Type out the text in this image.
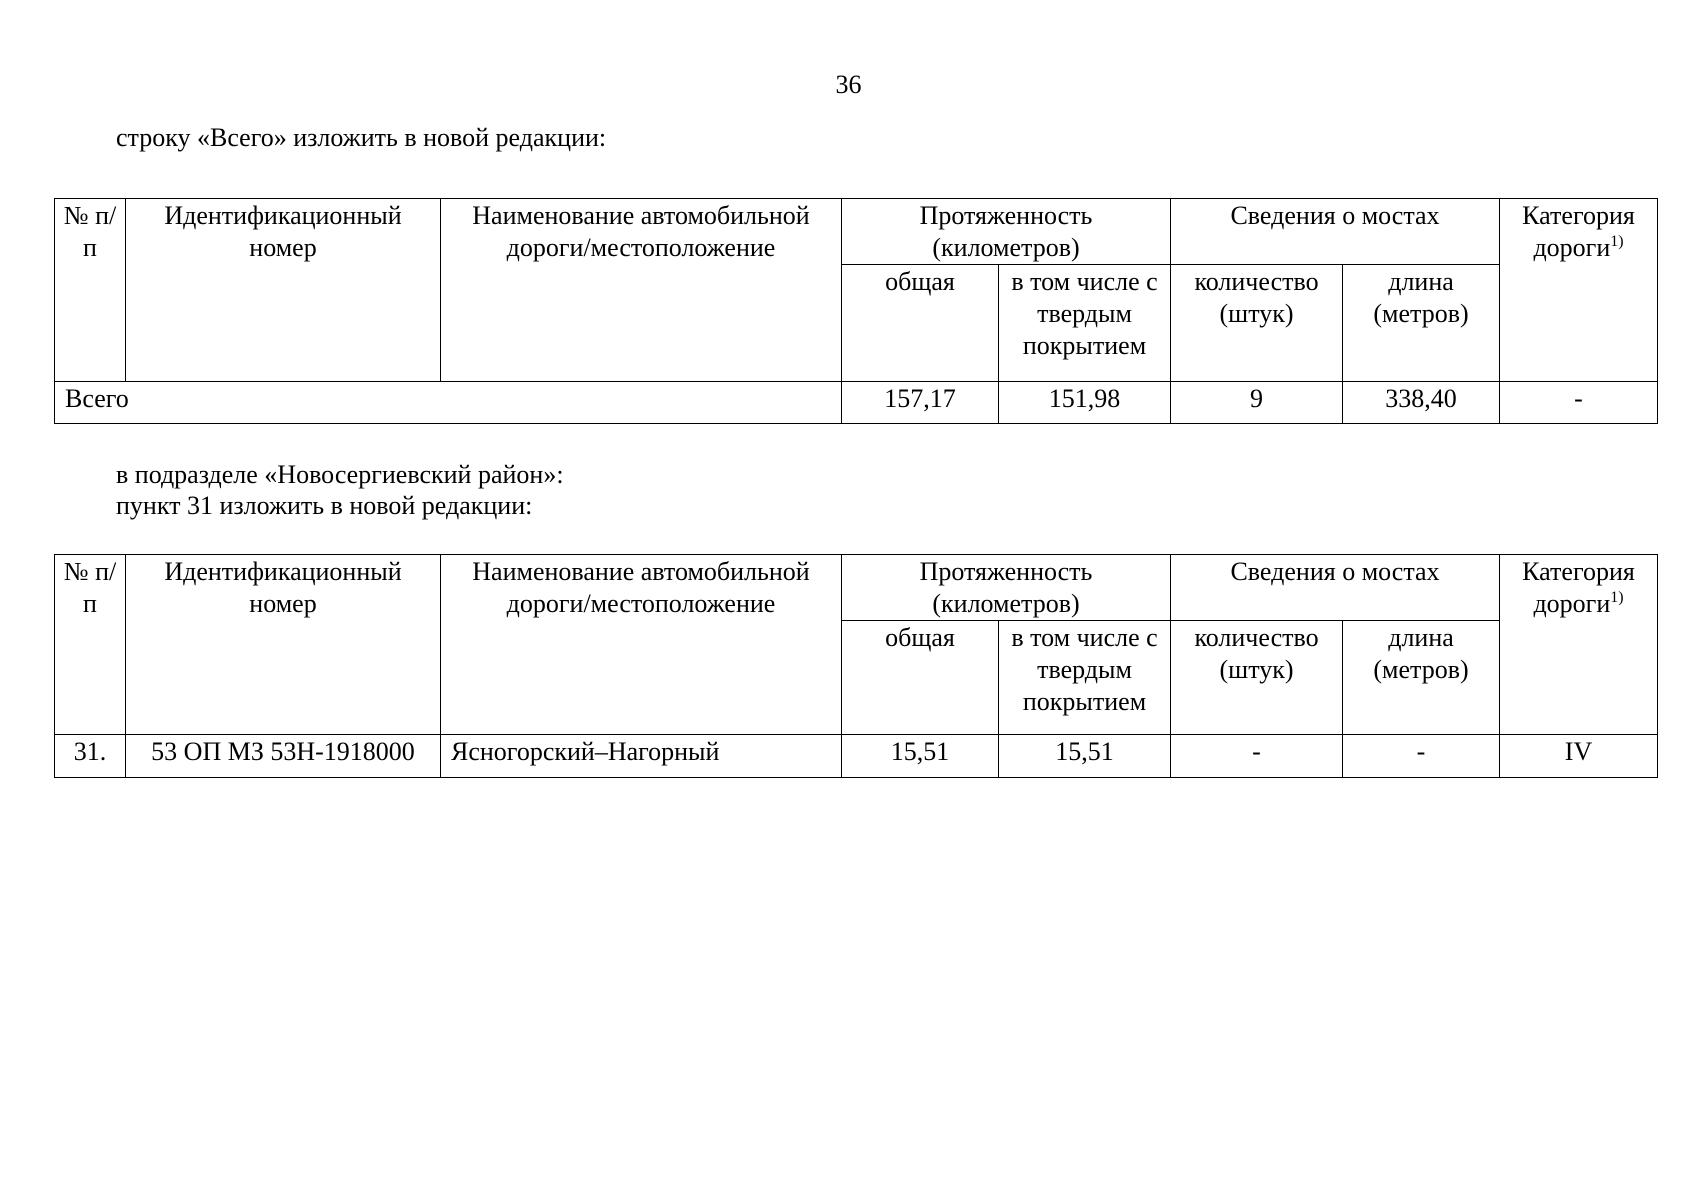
36
строку «Всего» изложить в новой редакции:
№ п/п	Идентификационный номер	Наименование автомобильной дороги/местоположение	Протяженность (километров)		Сведения о мостах		Категория дороги$^{1)}$
			общая	в том числе с твердым покрытием	количество (штук)	длина (метров)	
Всего			157,17	151,98	9	338,40	-
в подразделе «Новосергиевский район»:
пункт 31 изложить в новой редакции:
№ п/п	Идентификационный номер	Наименование автомобильной дороги/местоположение	Протяженность (километров)		Сведения о мостах		Категория дороги$^{1)}$
			общая	в том числе с твердым покрытием	количество (штук)	длина (метров)	
31.	53 ОП МЗ 53Н-1918000	Ясногорский–Нагорный	15,51	15,51	-	-	IV
